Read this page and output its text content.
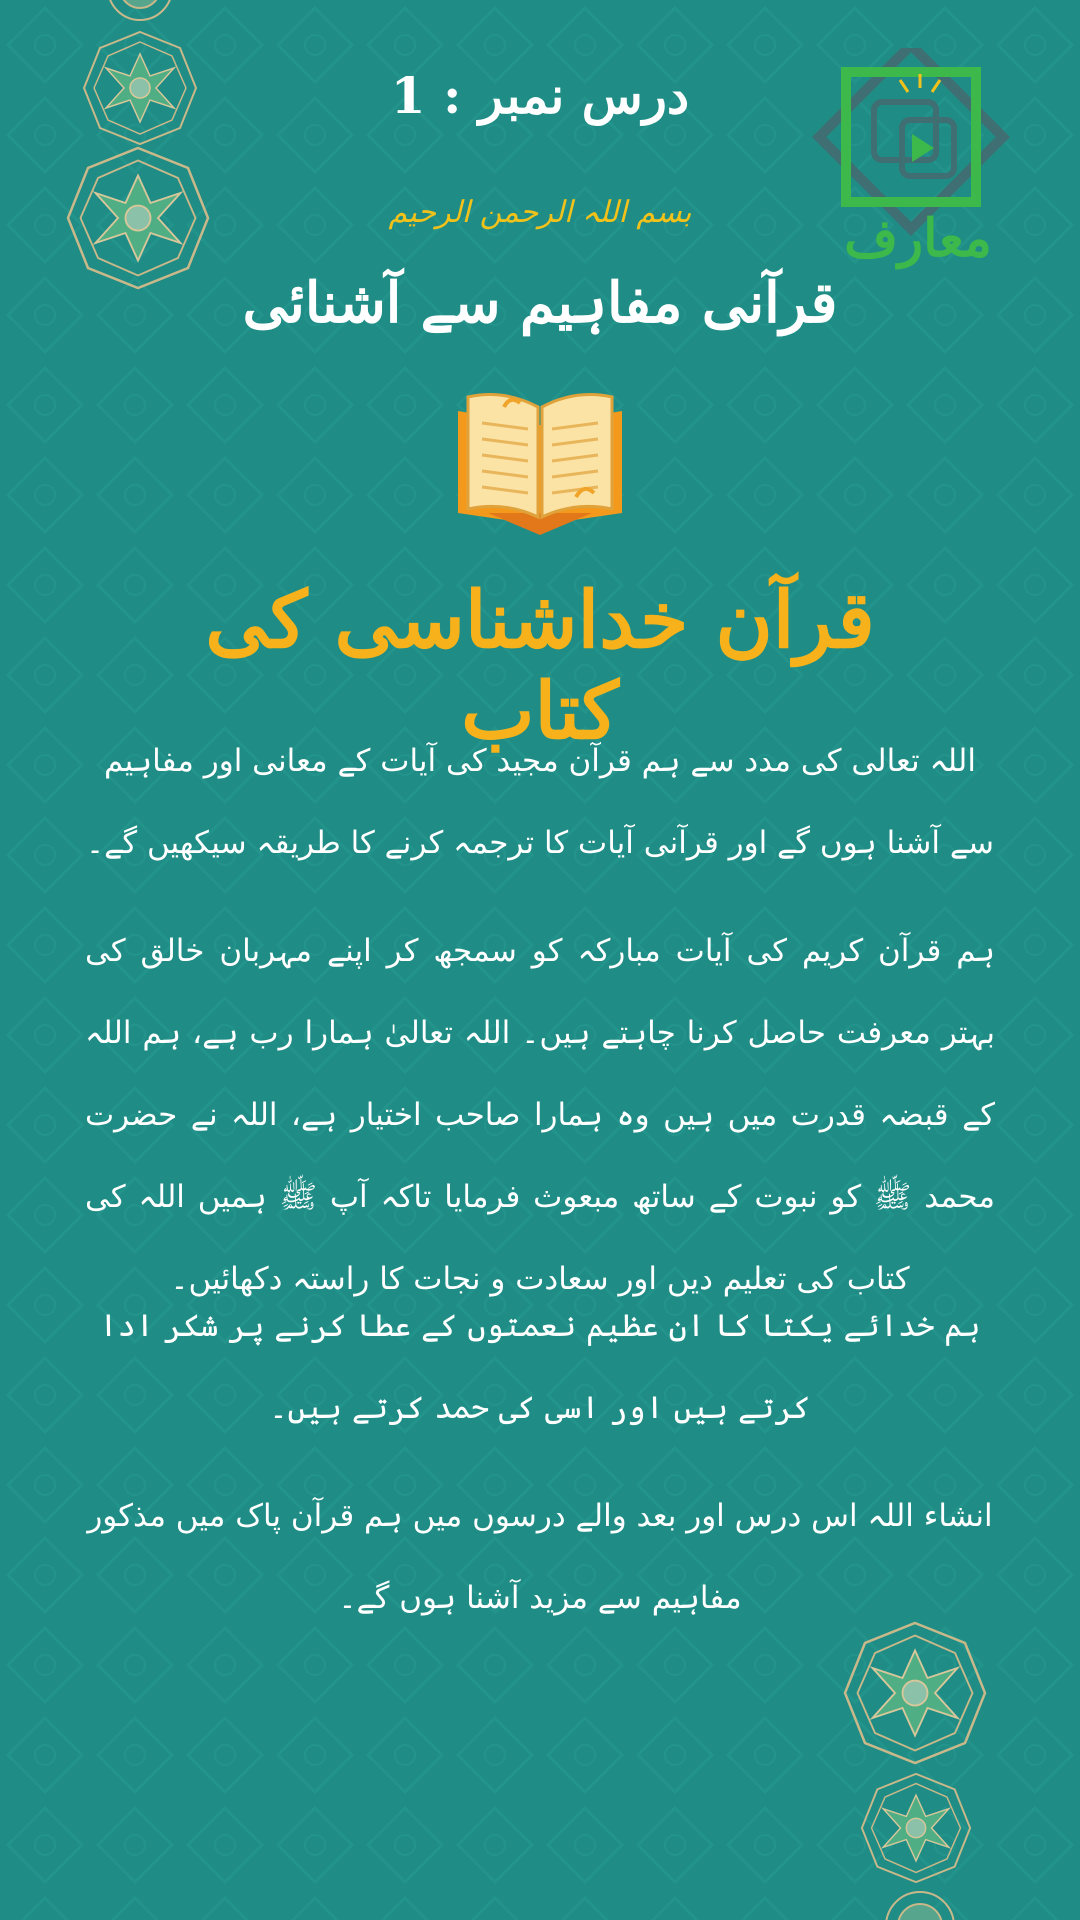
معارف
درس نمبر : 1
بسم اللہ الرحمن الرحیم
قرآنی مفاہیم سے آشنائی
قرآن خداشناسی کی کتاب

اللہ تعالی کی مدد سے ہم قرآن مجید کی آیات کے معانی اور مفاہیم سے آشنا ہوں گے اور قرآنی آیات کا ترجمہ کرنے کا طریقہ سیکھیں گے۔

ہم قرآن کریم کی آیات مبارکہ کو سمجھ کر اپنے مہربان خالق کی بہتر معرفت حاصل کرنا چاہتے ہیں۔ اللہ تعالیٰ ہمارا رب ہے، ہم اللہ کے قبضہ قدرت میں ہیں وہ ہمارا صاحب اختیار ہے، اللہ نے حضرت محمد ﷺ کو نبوت کے ساتھ مبعوث فرمایا تاکہ آپ ﷺ ہمیں اللہ کی کتاب کی تعلیم دیں اور سعادت و نجات کا راستہ دکھائیں۔

ہم خدائے یکتا کا ان عظیم نعمتوں کے عطا کرنے پر شکر ادا کرتے ہیں اور اسی کی حمد کرتے ہیں۔

انشاء اللہ اس درس اور بعد والے درسوں میں ہم قرآن پاک میں مذکور مفاہیم سے مزید آشنا ہوں گے۔
